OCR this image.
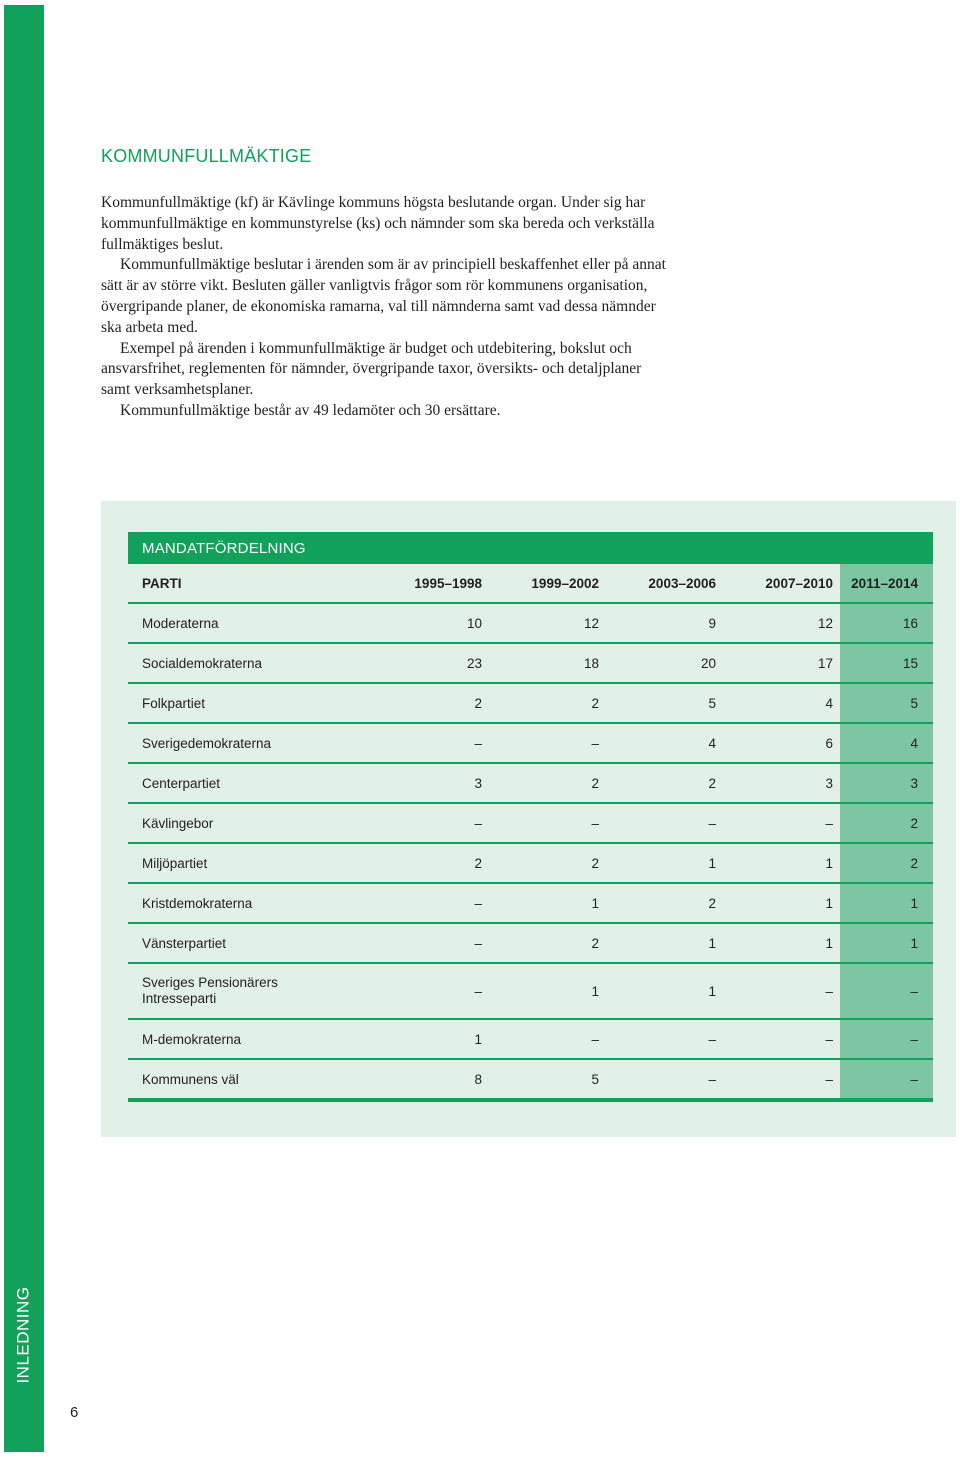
INLEDNING
6
KOMMUNFULLMÄKTIGE

Kommunfullmäktige (kf) är Kävlinge kommuns högsta beslutande organ. Under sig har kommunfullmäktige en kommunstyrelse (ks) och nämnder som ska bereda och verkställa fullmäktiges beslut.

Kommunfullmäktige beslutar i ärenden som är av principiell beskaffenhet eller på annat sätt är av större vikt. Besluten gäller vanligtvis frågor som rör kommunens organisation, övergripande planer, de ekonomiska ramarna, val till nämnderna samt vad dessa nämnder ska arbeta med.

Exempel på ärenden i kommunfullmäktige är budget och utdebitering, bokslut och ansvarsfrihet, reglementen för nämnder, övergripande taxor, översikts- och detaljplaner samt verksamhetsplaner.

Kommunfullmäktige består av 49 ledamöter och 30 ersättare.

MANDATFÖRDELNING
PARTI	1995–1998	1999–2002	2003–2006	2007–2010	2011–2014
Moderaterna	10	12	9	12	16
Socialdemokraterna	23	18	20	17	15
Folkpartiet	2	2	5	4	5
Sverigedemokraterna	–	–	4	6	4
Centerpartiet	3	2	2	3	3
Kävlingebor	–	–	–	–	2
Miljöpartiet	2	2	1	1	2
Kristdemokraterna	–	1	2	1	1
Vänsterpartiet	–	2	1	1	1

Sveriges Pensionärers
Intresseparti	–	1	1	–	–
M-demokraterna	1	–	–	–	–
Kommunens väl	8	5	–	–	–
